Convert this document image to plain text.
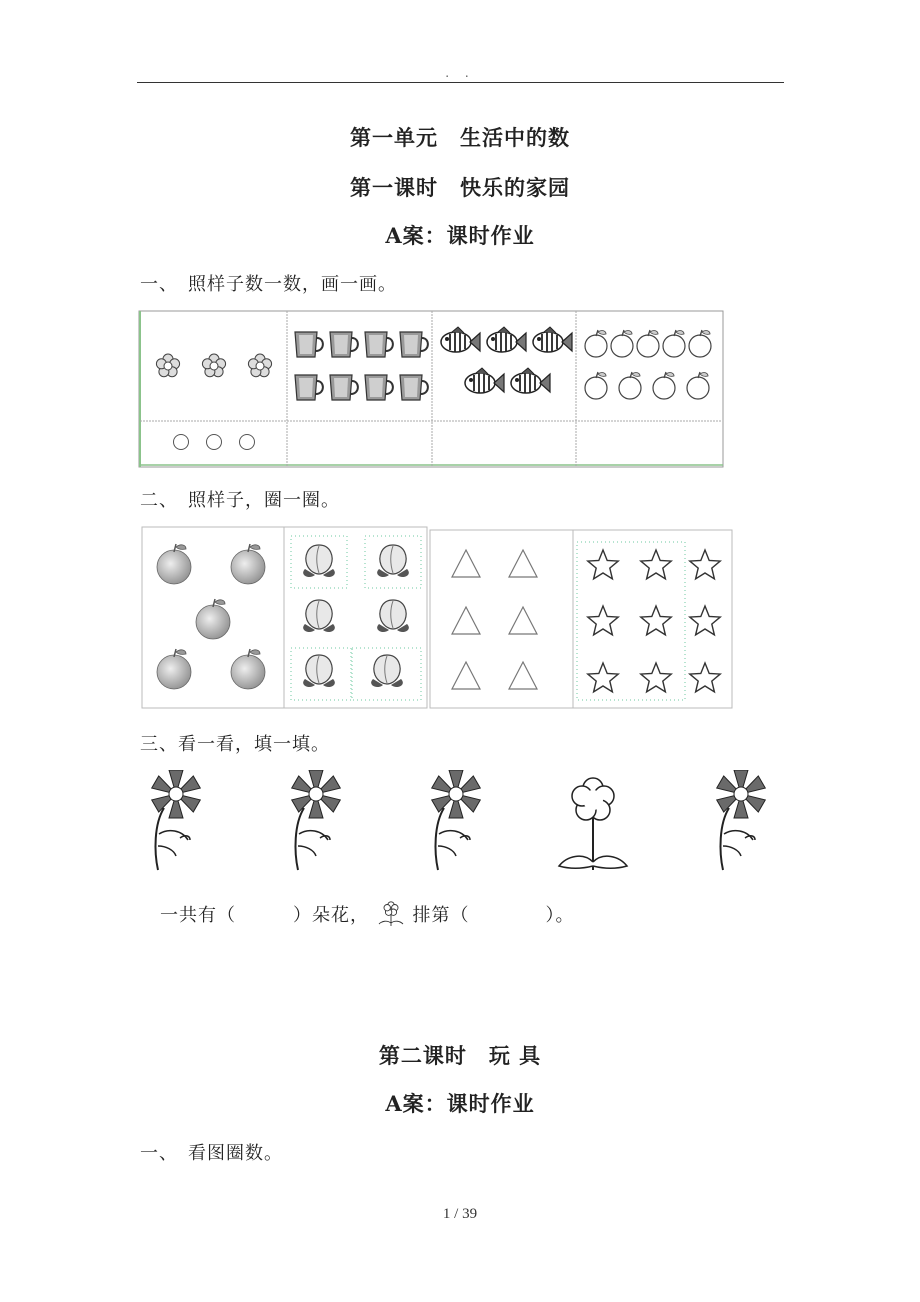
. .
第一单元　生活中的数
第一课时　快乐的家园
A案：课时作业
一、　照样子数一数，画一画。
二、　照样子，圈一圈。
三、看一看，填一填。
一共有（　　　）朵花， 排第（　　　　）。
第二课时　玩 具
A案：课时作业
一、　看图圈数。
1 / 39
